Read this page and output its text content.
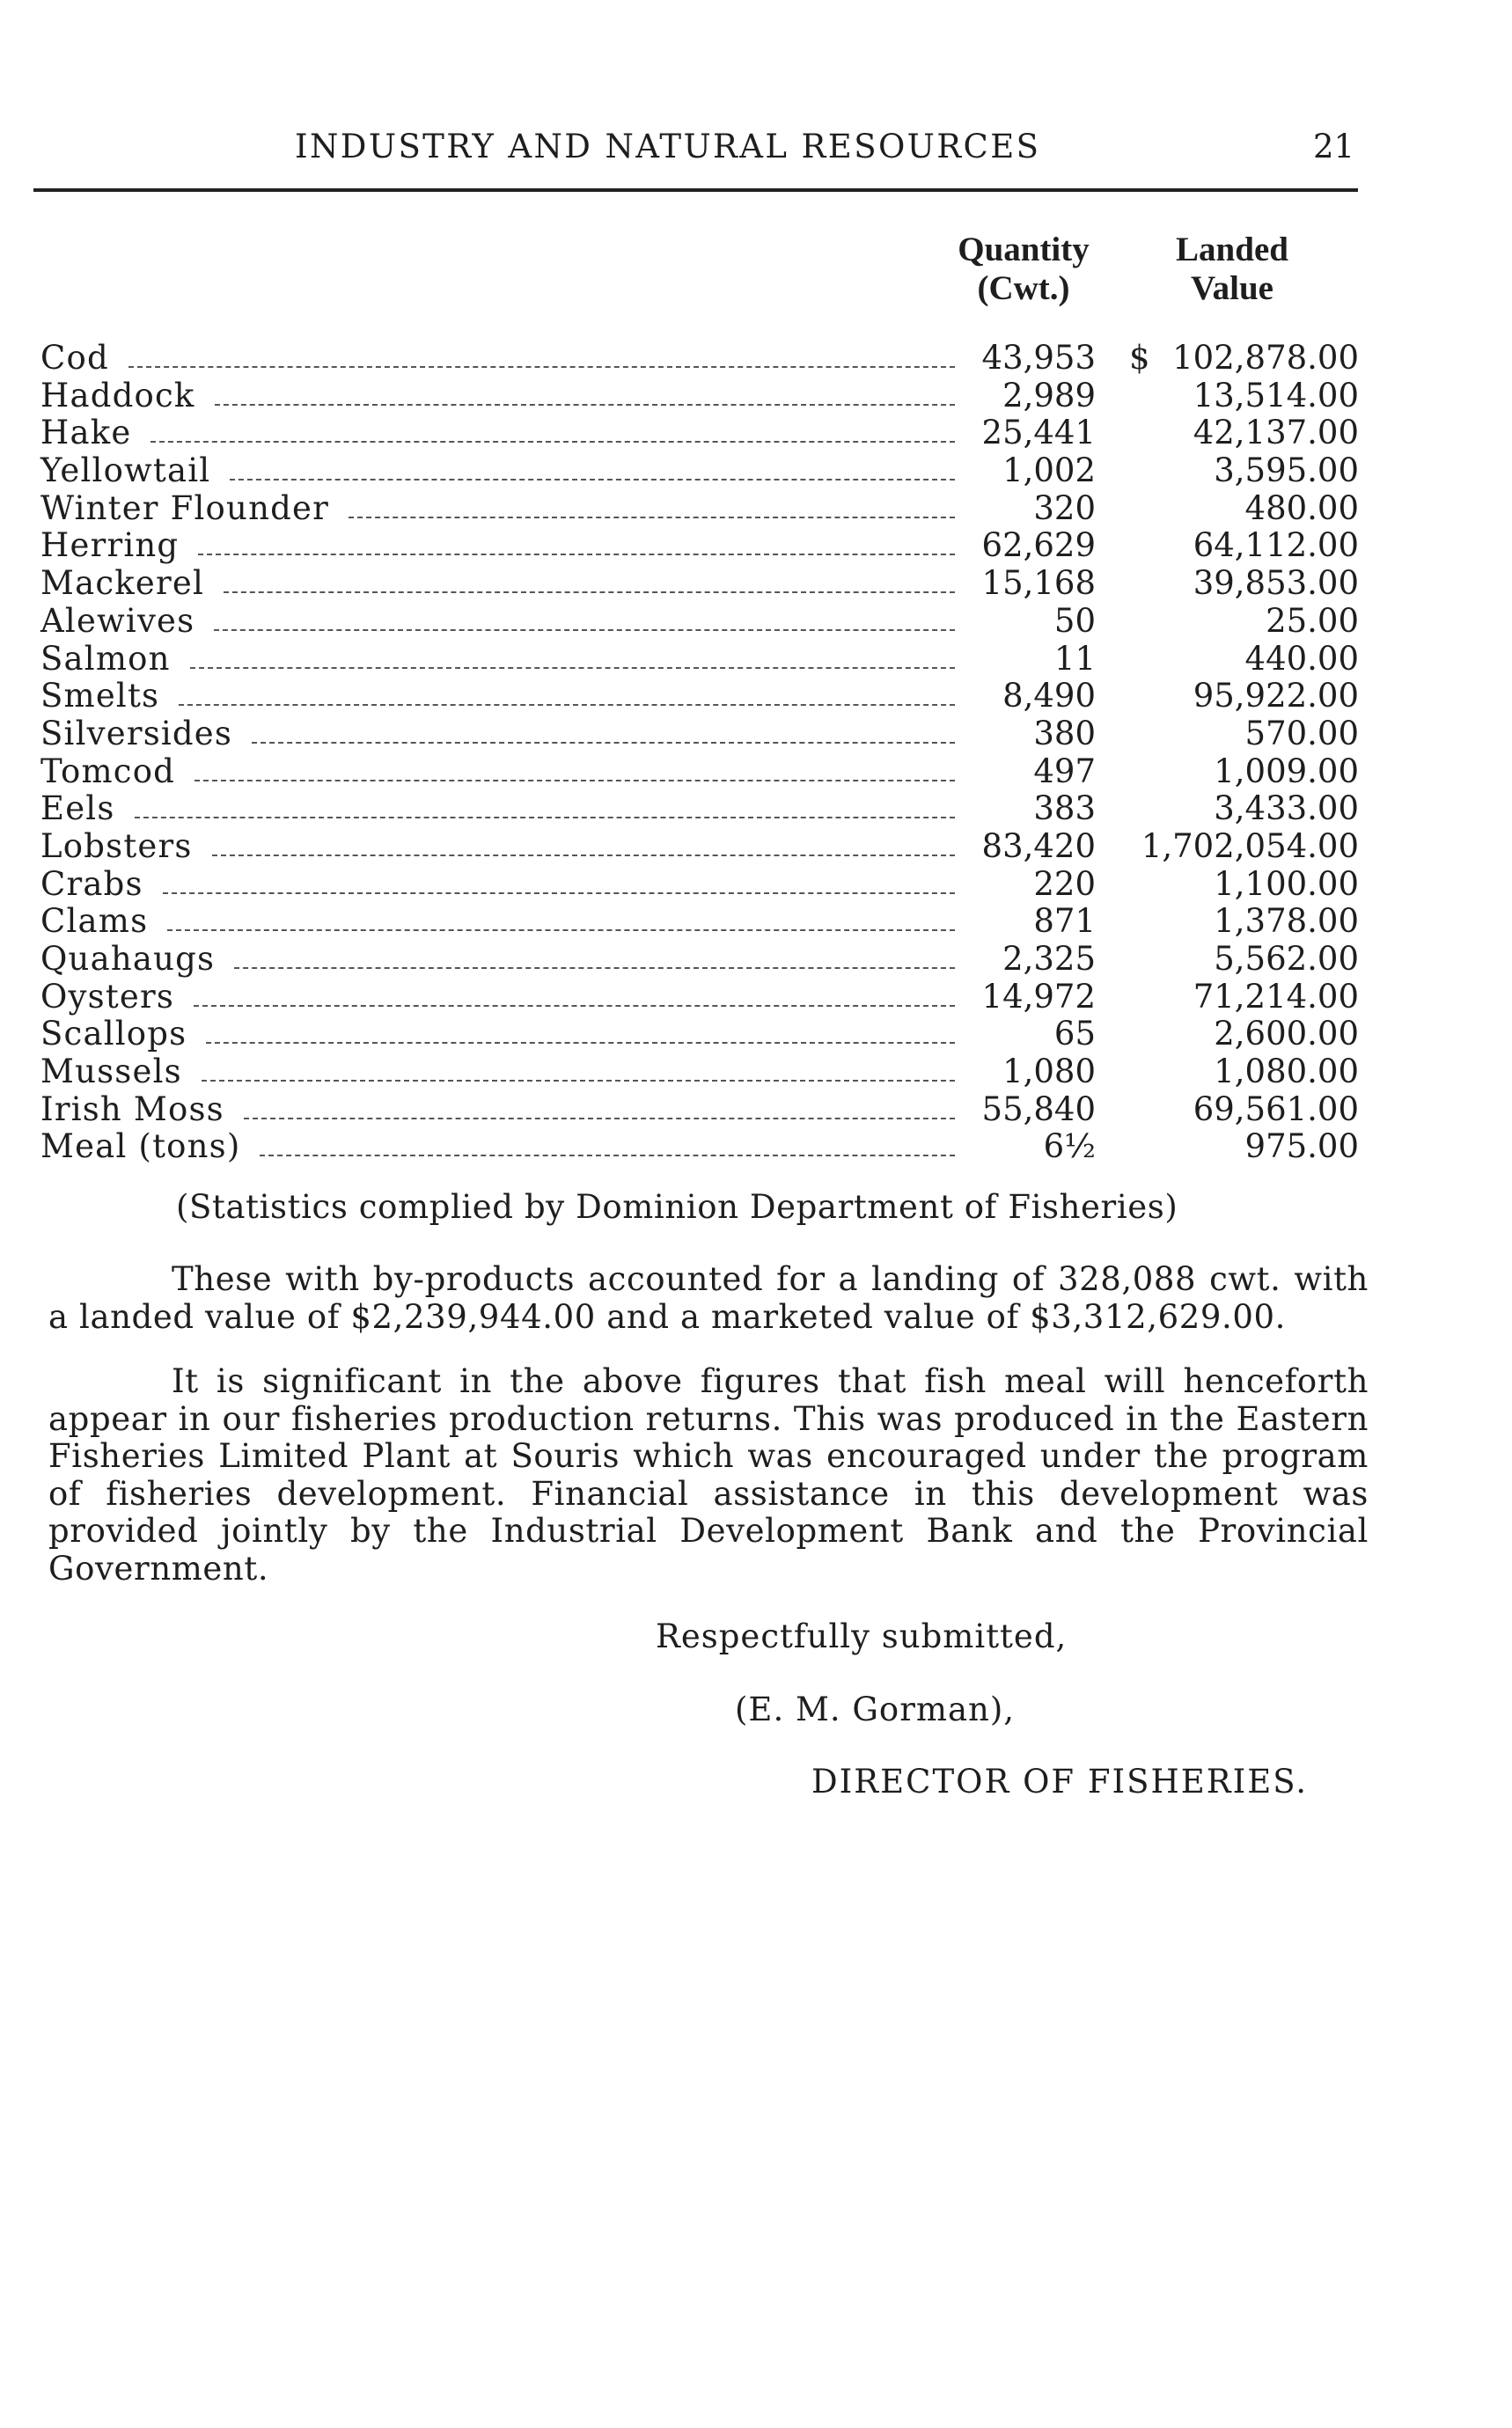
INDUSTRY AND NATURAL RESOURCES	21
Quantity
(Cwt.)
Landed
Value
Cod	43,953 $ 102,878.00
Haddock	2,989	13,514.00
Hake	25,441	42,137.00
Yellowtail	1,002	3,595.00
Winter Flounder	320	480.00
Herring	62,629	64,112.00
Mackerel	15,168	39,853.00
Alewives	50	25.00
Salmon	11	440.00
Smelts	8,490	95,922.00
Silversides	380	570.00
Tomcod	497	1,009.00
Eels	383	3,433.00
Lobsters	83,420 1,702,054.00
Crabs	220	1,100.00
Clams	871	1,378.00
Quahaugs	2,325	5,562.00
Oysters	14,972	71,214.00
Scallops	65	2,600.00
Mussels	1,080	1,080.00
Irish Moss	55,840	69,561.00
Meal (tons)	6½	975.00
(Statistics complied by Dominion Department of Fisheries)
These with by-products accounted for a landing of 328,088 cwt. with a landed value of $2,239,944.00 and a marketed value of $3,312,629.00.
It is significant in the above figures that fish meal will henceforth appear in our fisheries production returns. This was produced in the Eastern Fisheries Limited Plant at Souris which was encouraged under the program of fisheries development. Financial assistance in this development was provided jointly by the Industrial Development Bank and the Provincial Government.
Respectfully submitted,
(E. M. Gorman),
DIRECTOR OF FISHERIES.
